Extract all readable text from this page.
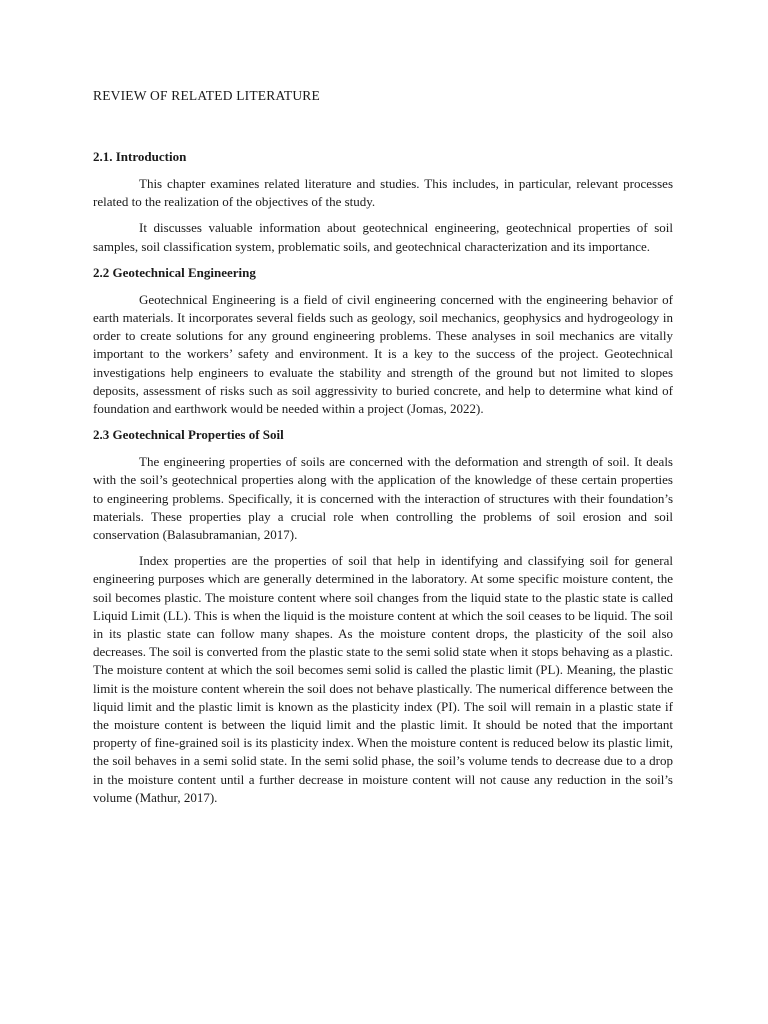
REVIEW OF RELATED LITERATURE
2.1. Introduction

This chapter examines related literature and studies. This includes, in particular, relevant processes related to the realization of the objectives of the study.

It discusses valuable information about geotechnical engineering, geotechnical properties of soil samples, soil classification system, problematic soils, and geotechnical characterization and its importance.

2.2 Geotechnical Engineering

Geotechnical Engineering is a field of civil engineering concerned with the engineering behavior of earth materials. It incorporates several fields such as geology, soil mechanics, geophysics and hydrogeology in order to create solutions for any ground engineering problems. These analyses in soil mechanics are vitally important to the workers’ safety and environment. It is a key to the success of the project. Geotechnical investigations help engineers to evaluate the stability and strength of the ground but not limited to slopes deposits, assessment of risks such as soil aggressivity to buried concrete, and help to determine what kind of foundation and earthwork would be needed within a project (Jomas, 2022).

2.3 Geotechnical Properties of Soil

The engineering properties of soils are concerned with the deformation and strength of soil. It deals with the soil’s geotechnical properties along with the application of the knowledge of these certain properties to engineering problems. Specifically, it is concerned with the interaction of structures with their foundation’s materials. These properties play a crucial role when controlling the problems of soil erosion and soil conservation (Balasubramanian, 2017).

Index properties are the properties of soil that help in identifying and classifying soil for general engineering purposes which are generally determined in the laboratory. At some specific moisture content, the soil becomes plastic. The moisture content where soil changes from the liquid state to the plastic state is called Liquid Limit (LL). This is when the liquid is the moisture content at which the soil ceases to be liquid. The soil in its plastic state can follow many shapes. As the moisture content drops, the plasticity of the soil also decreases. The soil is converted from the plastic state to the semi solid state when it stops behaving as a plastic. The moisture content at which the soil becomes semi solid is called the plastic limit (PL). Meaning, the plastic limit is the moisture content wherein the soil does not behave plastically. The numerical difference between the liquid limit and the plastic limit is known as the plasticity index (PI). The soil will remain in a plastic state if the moisture content is between the liquid limit and the plastic limit. It should be noted that the important property of fine-grained soil is its plasticity index. When the moisture content is reduced below its plastic limit, the soil behaves in a semi solid state. In the semi solid phase, the soil’s volume tends to decrease due to a drop in the moisture content until a further decrease in moisture content will not cause any reduction in the soil’s volume (Mathur, 2017).
